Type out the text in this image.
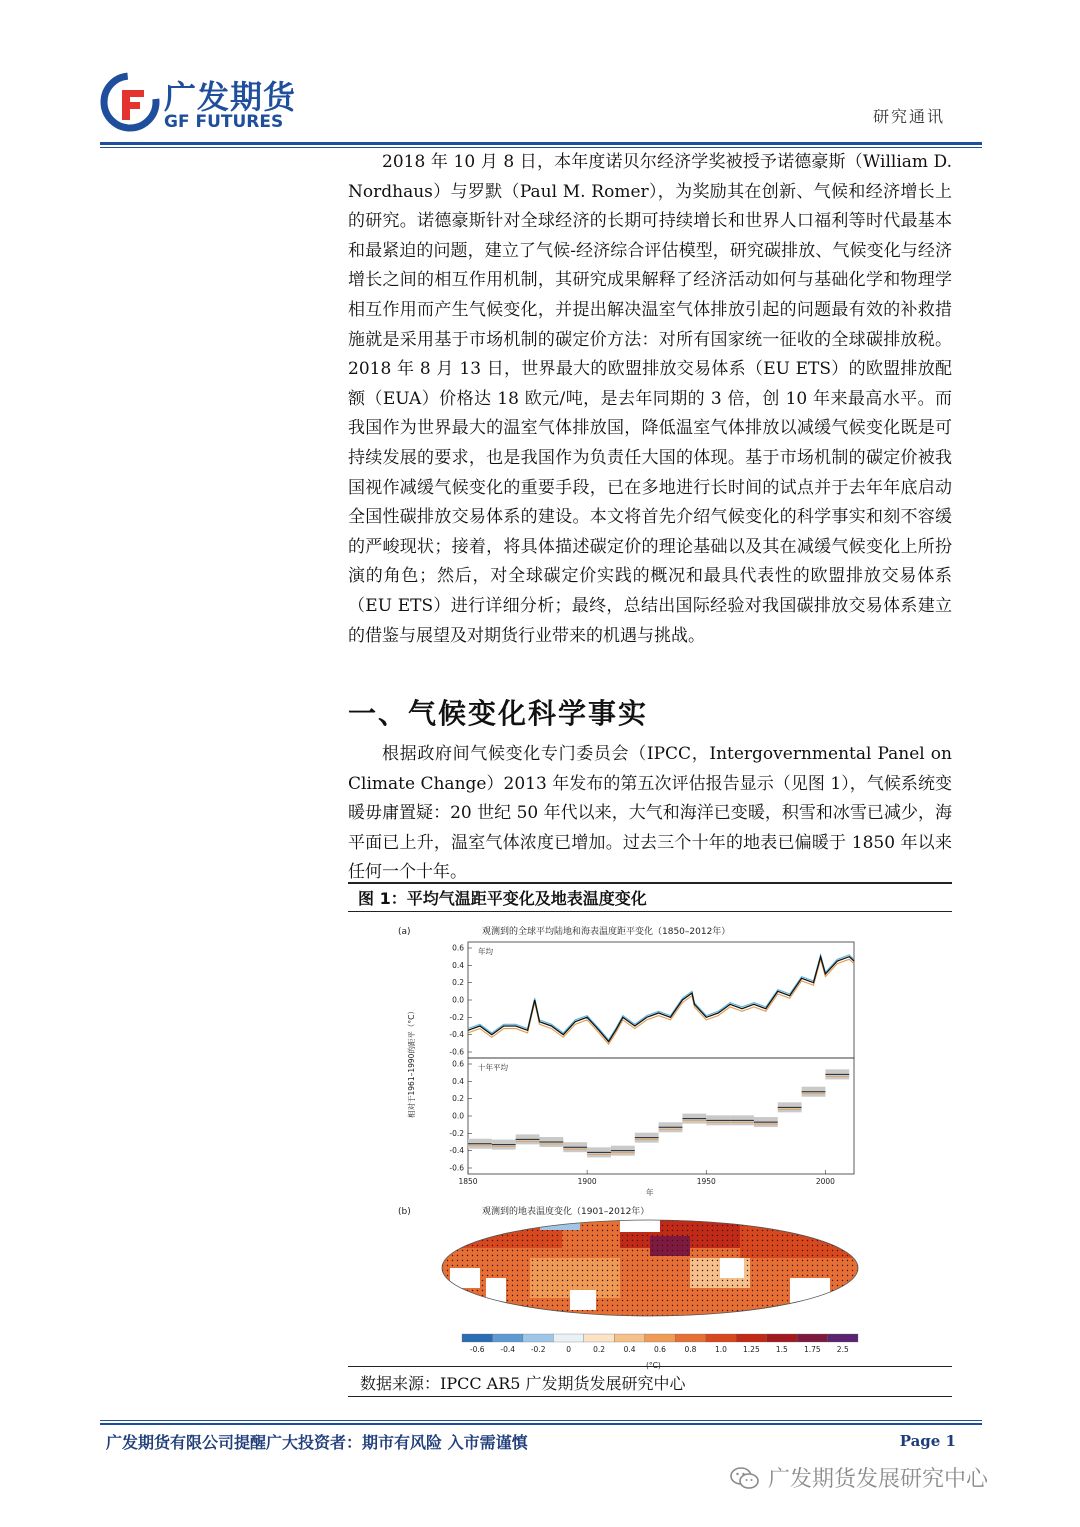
广发期货
GF FUTURES	研究通讯

2018 年 10 月 8 日，本年度诺贝尔经济学奖被授予诺德豪斯（William D. Nordhaus）与罗默（Paul M. Romer），为奖励其在创新、气候和经济增长上的研究。诺德豪斯针对全球经济的长期可持续增长和世界人口福利等时代最基本和最紧迫的问题，建立了气候-经济综合评估模型，研究碳排放、气候变化与经济增长之间的相互作用机制，其研究成果解释了经济活动如何与基础化学和物理学相互作用而产生气候变化，并提出解决温室气体排放引起的问题最有效的补救措施就是采用基于市场机制的碳定价方法：对所有国家统一征收的全球碳排放税。2018 年 8 月 13 日，世界最大的欧盟排放交易体系（EU ETS）的欧盟排放配额（EUA）价格达 18 欧元/吨，是去年同期的 3 倍，创 10 年来最高水平。而我国作为世界最大的温室气体排放国，降低温室气体排放以减缓气候变化既是可持续发展的要求，也是我国作为负责任大国的体现。基于市场机制的碳定价被我国视作减缓气候变化的重要手段，已在多地进行长时间的试点并于去年年底启动全国性碳排放交易体系的建设。本文将首先介绍气候变化的科学事实和刻不容缓的严峻现状；接着，将具体描述碳定价的理论基础以及其在减缓气候变化上所扮演的角色；然后，对全球碳定价实践的概况和最具代表性的欧盟排放交易体系（EU ETS）进行详细分析；最终，总结出国际经验对我国碳排放交易体系建立的借鉴与展望及对期货行业带来的机遇与挑战。

一、气候变化科学事实

根据政府间气候变化专门委员会（IPCC，Intergovernmental Panel on Climate Change）2013 年发布的第五次评估报告显示（见图 1），气候系统变暖毋庸置疑：20 世纪 50 年代以来，大气和海洋已变暖，积雪和冰雪已减少，海平面已上升，温室气体浓度已增加。过去三个十年的地表已偏暖于 1850 年以来任何一个十年。

图 1：平均气温距平变化及地表温度变化
(a)	观测到的全球平均陆地和海表温度距平变化（1850–2012年）
年均
十年平均
相对于1961–1990的距平（°C）
0.6
0.4
0.2
0.0
-0.2
-0.4
-0.6
0.6
0.4
0.2
0.0
-0.2
-0.4
-0.6
1850	1900	1950	2000
年
(b)	观测到的地表温度变化（1901–2012年）
-0.6 -0.4 -0.2	0	0.2 0.4 0.6 0.8 1.0 1.25 1.5 1.75 2.5
数据来源：IPCC AR5 广发期货发展研究中心
广发期货有限公司提醒广大投资者：期市有风险 入市需谨慎	Page 1
广发期货发展研究中心
